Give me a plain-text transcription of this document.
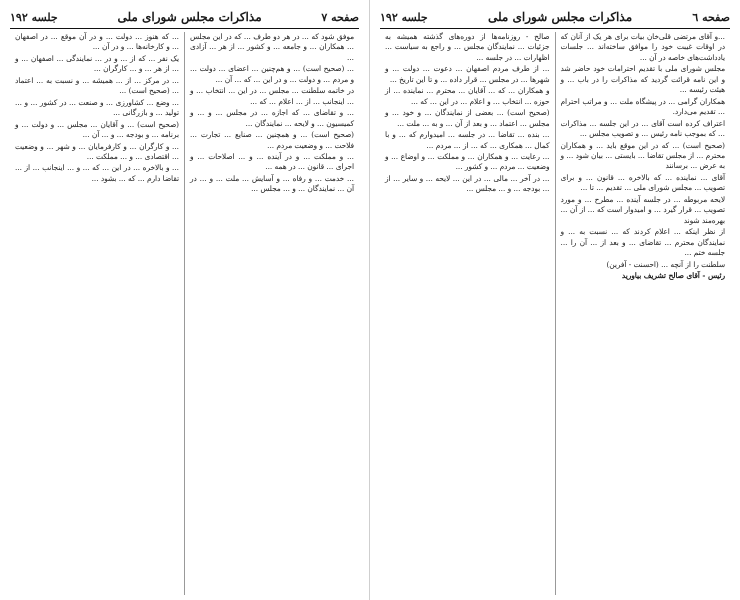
صفحه ۷
مذاکرات مجلس شورای ملی
جلسه ۱۹۲

موفق شود که ... در هر دو طرف ... که در این مجلس ... همکاران ... و جامعه ... و کشور ... از هر ... آزادی ...

... (صحیح است) ... و هم‌چنین ... اعضای ... دولت ... و مردم ... و دولت ... و در این ... که ... آن ...

در خاتمه سلطنت ... مجلس ... در این ... انتخاب ... و ... اینجانب ... از ... اعلام ... که ...

... و تقاضای ... که اجازه ... در مجلس ... و ... و کمیسیون ... و لایحه ... نمایندگان ...

(صحیح است) ... و همچنین ... صنایع ... تجارت ... فلاحت ... و وضعیت مردم ...

... و مملکت ... و در آینده ... و ... اصلاحات ... و اجرای ... قانون ... در همه ...

... خدمت ... و رفاه ... و آسایش ... ملت ... و ... در آن ... نمایندگان ... و ... مجلس ...

... که هنوز ... دولت ... و در آن موقع ... در اصفهان ... و کارخانه‌ها ... و در آن ...

یک نفر ... که از ... و در ... نمایندگی ... اصفهان ... و ... از هر ... و ... کارگران ...

... در مرکز ... از ... همیشه ... و نسبت به ... اعتماد ... (صحیح است) ...

... وضع ... کشاورزی ... و صنعت ... در کشور ... و ... تولید ... و بازرگانی ...

(صحیح است) ... و آقایان ... مجلس ... و دولت ... و برنامه ... و بودجه ... و ... آن ...

... و کارگران ... و کارفرمایان ... و شهر ... و وضعیت ... اقتصادی ... و ... مملکت ...

... و بالاخره ... در این ... که ... و ... اینجانب ... از ... تقاضا دارم ... که ... بشود ...

صفحه ٦
مذاکرات مجلس شورای ملی
جلسه ۱۹۲

...و آقای مرتضی قلی‌خان بیات برای هر یک از آنان که در اوقات غیبت خود را موافق ساخته‌اند ... جلسات یادداشت‌های خاصه در آن ...

مجلس شورای ملی با تقدیم احترامات خود حاضر شد و این نامه قرائت گردید که مذاکرات را در باب ... و هیئت رئیسه ...

همکاران گرامی ... در پیشگاه ملت ... و مراتب احترام ... تقدیم می‌دارد.

اعتراف کرده است آقای ... در این جلسه ... مذاکرات ... که بموجب نامه رئیس ... و تصویب مجلس ...

(صحیح است) ... که در این موقع باید ... و همکاران محترم ... از مجلس تقاضا ... بایستی ... بیان شود ... و به عرض ... برسانند

آقای ... نماینده ... که بالاخره ... قانون ... و برای تصویب ... مجلس شورای ملی ... تقدیم ... تا ...

لایحه مربوطه ... در جلسه آینده ... مطرح ... و مورد تصویب ... قرار گیرد ... و امیدوار است که ... از آن ... بهره‌مند شوند

از نظر اینکه ... اعلام کردند که ... نسبت به ... و نمایندگان محترم ... تقاضای ... و بعد از ... آن را ... جلسه ختم ...

سلطنت را از آنچه ... (احسنت - آفرین)

رئیس - آقای صالح تشریف بیاورید

صالح - روزنامه‌ها از دوره‌های گذشته همیشه به جزئیات ... نمایندگان مجلس ... و راجع به سیاست ... اظهارات ... در جلسه ...

... از طرف مردم اصفهان ... دعوت ... دولت ... و شهرها ... در مجلس ... قرار داده ... و تا این تاریخ ...

و همکاران ... که ... آقایان ... محترم ... نماینده ... از حوزه ... انتخاب ... و اعلام ... در این ... که ...

(صحیح است) ... بعضی از نمایندگان ... و خود ... و مجلس ... اعتماد ... و بعد از آن ... و به ... ملت ...

... بنده ... تقاضا ... در جلسه ... امیدوارم که ... و با کمال ... همکاری ... که ... از ... مردم ...

... رعایت ... و همکاران ... و مملکت ... و اوضاع ... و وضعیت ... مردم ... و کشور ...

... در آخر ... مالی ... در این ... لایحه ... و سایر ... از ... بودجه ... و ... مجلس ...
